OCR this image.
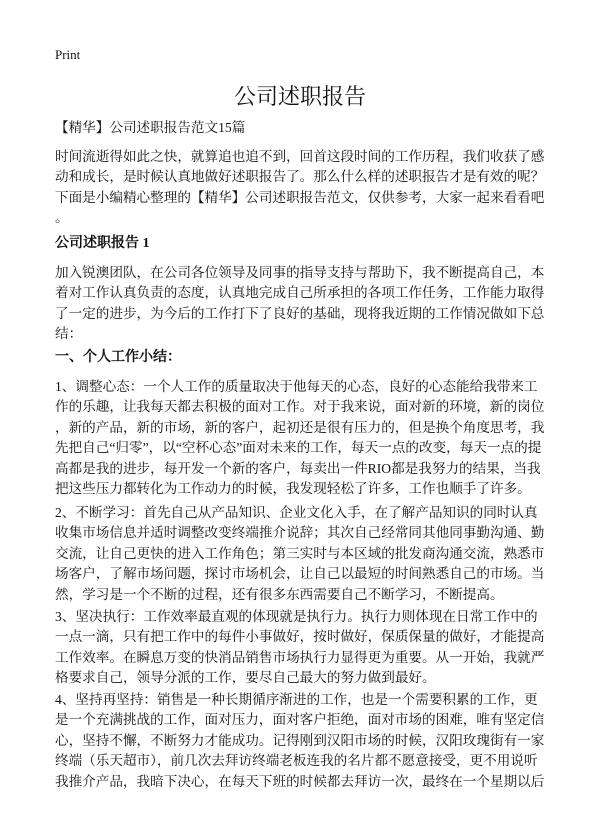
Print
公司述职报告
【精华】公司述职报告范文15篇
时间流逝得如此之快，就算追也追不到，回首这段时间的工作历程，我们收获了感
动和成长，是时候认真地做好述职报告了。那么什么样的述职报告才是有效的呢？
下面是小编精心整理的【精华】公司述职报告范文，仅供参考，大家一起来看看吧
。
公司述职报告 1
加入锐澳团队，在公司各位领导及同事的指导支持与帮助下，我不断提高自己，本
着对工作认真负责的态度，认真地完成自己所承担的各项工作任务，工作能力取得
了一定的进步，为今后的工作打下了良好的基础，现将我近期的工作情况做如下总
结：
一、个人工作小结：
1、调整心态：一个人工作的质量取决于他每天的心态，良好的心态能给我带来工
作的乐趣，让我每天都去积极的面对工作。对于我来说，面对新的环境，新的岗位
，新的产品，新的市场，新的客户，起初还是很有压力的，但是换个角度思考，我
先把自己“归零”，以“空杯心态”面对未来的工作，每天一点的改变，每天一点的提
高都是我的进步，每开发一个新的客户，每卖出一件RIO都是我努力的结果，当我
把这些压力都转化为工作动力的时候，我发现轻松了许多，工作也顺手了许多。
2、不断学习：首先自己从产品知识、企业文化入手，在了解产品知识的同时认真
收集市场信息并适时调整改变终端推介说辞；其次自己经常同其他同事勤沟通、勤
交流，让自己更快的进入工作角色；第三实时与本区域的批发商沟通交流，熟悉市
场客户，了解市场问题，探讨市场机会，让自己以最短的时间熟悉自己的市场。当
然，学习是一个不断的过程，还有很多东西需要自己不断学习，不断提高。
3、坚决执行：工作效率最直观的体现就是执行力。执行力则体现在日常工作中的
一点一滴，只有把工作中的每件小事做好，按时做好，保质保量的做好，才能提高
工作效率。在瞬息万变的快消品销售市场执行力显得更为重要。从一开始，我就严
格要求自己，领导分派的工作，要尽自己最大的努力做到最好。
4、坚持再坚持：销售是一种长期循序渐进的工作，也是一个需要积累的工作，更
是一个充满挑战的工作，面对压力，面对客户拒绝，面对市场的困难，唯有坚定信
心，坚持不懈，不断努力才能成功。记得刚到汉阳市场的时候，汉阳玫瑰街有一家
终端（乐天超市），前几次去拜访终端老板连我的名片都不愿意接受，更不用说听
我推介产品，我暗下决心，在每天下班的时候都去拜访一次，最终在一个星期以后
